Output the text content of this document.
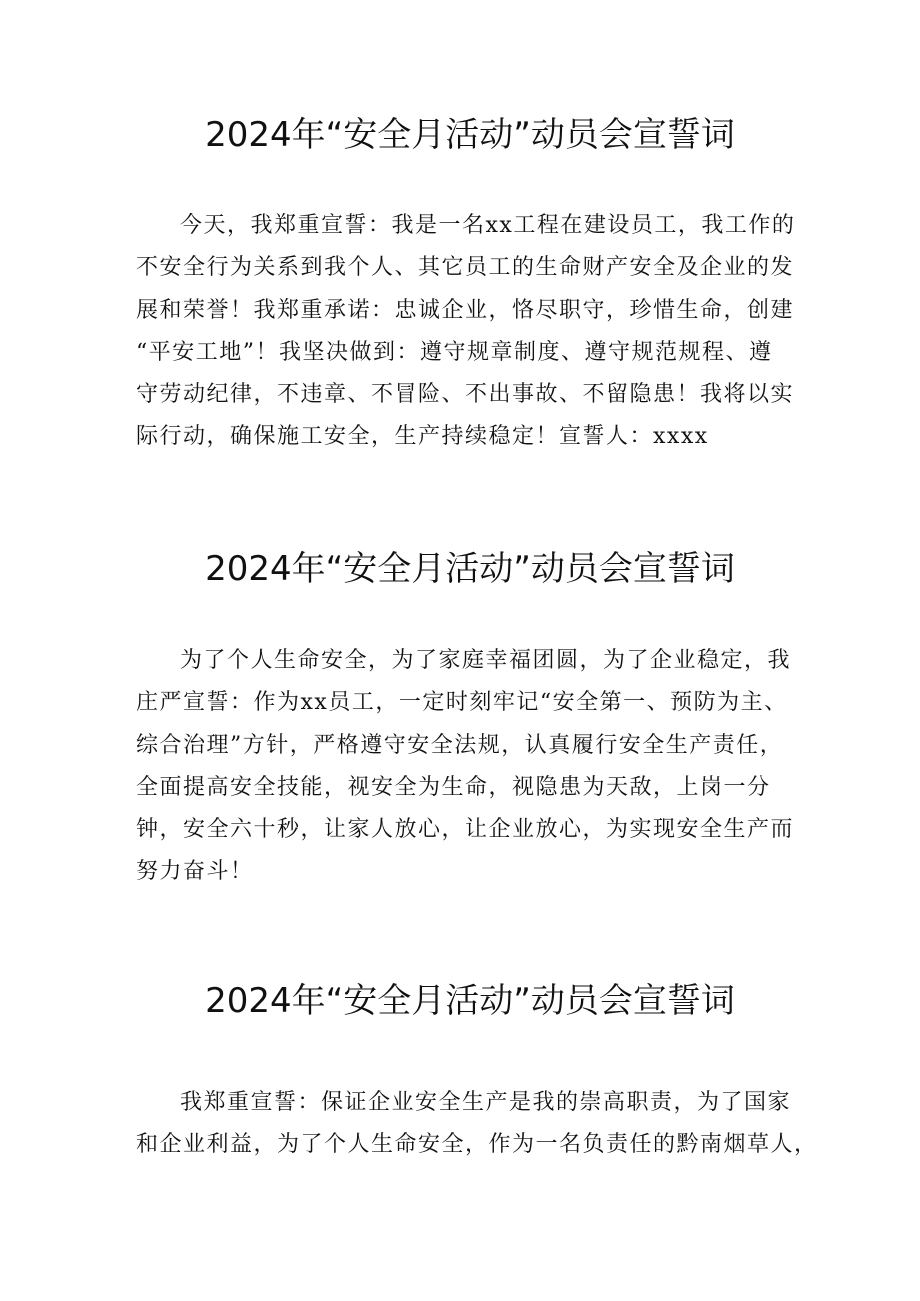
2024年“安全月活动”动员会宣誓词
今天，我郑重宣誓：我是一名xx工程在建设员工，我工作的
不安全行为关系到我个人、其它员工的生命财产安全及企业的发
展和荣誉！我郑重承诺：忠诚企业，恪尽职守，珍惜生命，创建
“平安工地”！我坚决做到：遵守规章制度、遵守规范规程、遵
守劳动纪律，不违章、不冒险、不出事故、不留隐患！我将以实
际行动，确保施工安全，生产持续稳定！宣誓人：xxxx
2024年“安全月活动”动员会宣誓词
为了个人生命安全，为了家庭幸福团圆，为了企业稳定，我
庄严宣誓：作为xx员工，一定时刻牢记“安全第一、预防为主、
综合治理”方针，严格遵守安全法规，认真履行安全生产责任，
全面提高安全技能，视安全为生命，视隐患为天敌，上岗一分
钟，安全六十秒，让家人放心，让企业放心，为实现安全生产而
努力奋斗！
2024年“安全月活动”动员会宣誓词
我郑重宣誓：保证企业安全生产是我的崇高职责，为了国家
和企业利益，为了个人生命安全，作为一名负责任的黔南烟草人，
